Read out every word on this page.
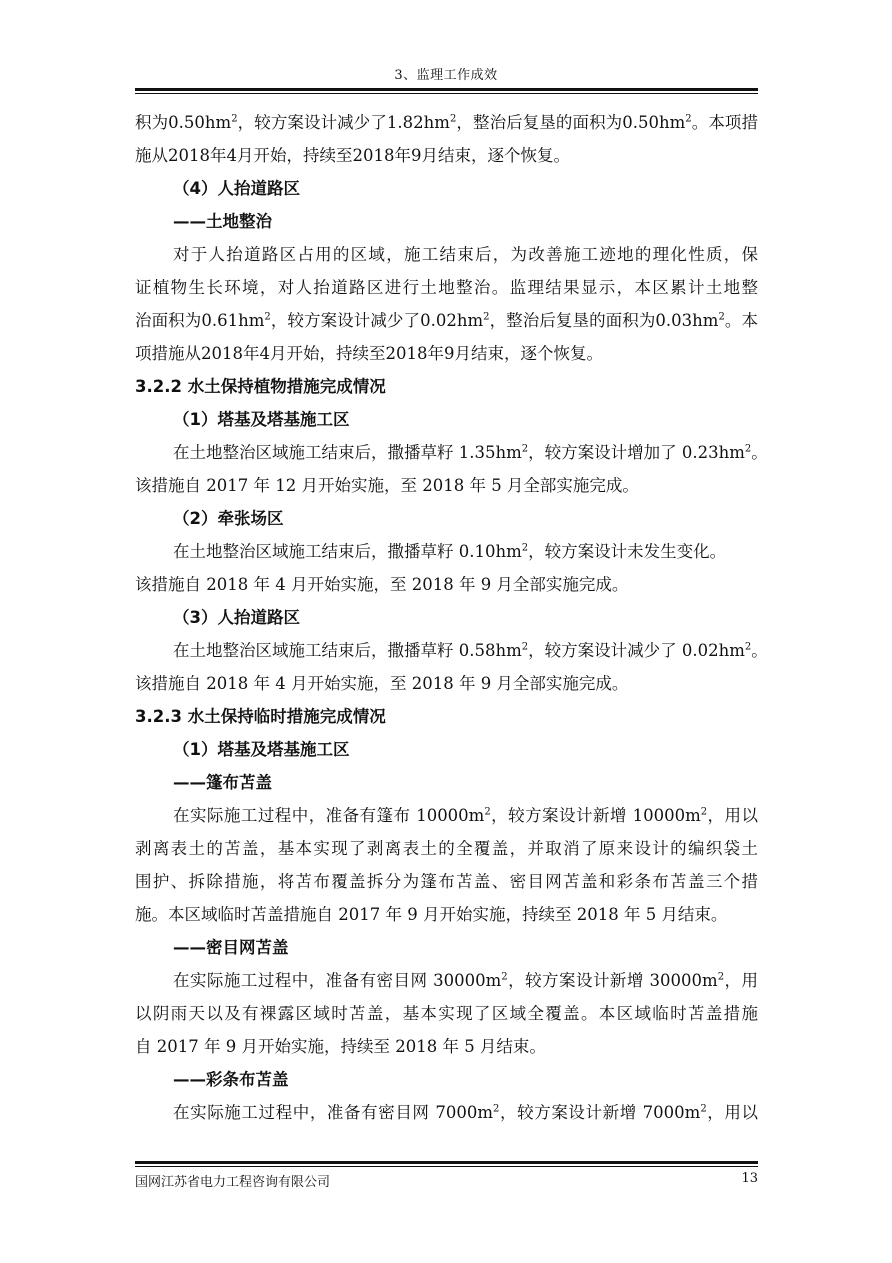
3、监理工作成效
积为$0.50hm^2$，较方案设计减少了$1.82hm^2$，整治后复垦的面积为$0.50hm^2$。本项措
施从2018年4月开始，持续至2018年9月结束，逐个恢复。
（4）人抬道路区
——土地整治
对于人抬道路区占用的区域，施工结束后，为改善施工迹地的理化性质，保
证植物生长环境，对人抬道路区进行土地整治。监理结果显示，本区累计土地整
治面积为$0.61hm^2$，较方案设计减少了$0.02hm^2$，整治后复垦的面积为$0.03hm^2$。本
项措施从2018年4月开始，持续至2018年9月结束，逐个恢复。
3.2.2 水土保持植物措施完成情况
（1）塔基及塔基施工区
在土地整治区域施工结束后，撒播草籽 $1.35hm^2$，较方案设计增加了 $0.23hm^2$。
该措施自 2017 年 12 月开始实施，至 2018 年 5 月全部实施完成。
（2）牵张场区
在土地整治区域施工结束后，撒播草籽 $0.10hm^2$，较方案设计未发生变化。
该措施自 2018 年 4 月开始实施，至 2018 年 9 月全部实施完成。
（3）人抬道路区
在土地整治区域施工结束后，撒播草籽 $0.58hm^2$，较方案设计减少了 $0.02hm^2$。
该措施自 2018 年 4 月开始实施，至 2018 年 9 月全部实施完成。
3.2.3 水土保持临时措施完成情况
（1）塔基及塔基施工区
——篷布苫盖
在实际施工过程中，准备有篷布 $10000m^2$，较方案设计新增 $10000m^2$，用以
剥离表土的苫盖，基本实现了剥离表土的全覆盖，并取消了原来设计的编织袋土
围护、拆除措施，将苫布覆盖拆分为篷布苫盖、密目网苫盖和彩条布苫盖三个措
施。本区域临时苫盖措施自 2017 年 9 月开始实施，持续至 2018 年 5 月结束。
——密目网苫盖
在实际施工过程中，准备有密目网 $30000m^2$，较方案设计新增 $30000m^2$，用
以阴雨天以及有裸露区域时苫盖，基本实现了区域全覆盖。本区域临时苫盖措施
自 2017 年 9 月开始实施，持续至 2018 年 5 月结束。
——彩条布苫盖
在实际施工过程中，准备有密目网 $7000m^2$，较方案设计新增 $7000m^2$，用以
国网江苏省电力工程咨询有限公司	13
